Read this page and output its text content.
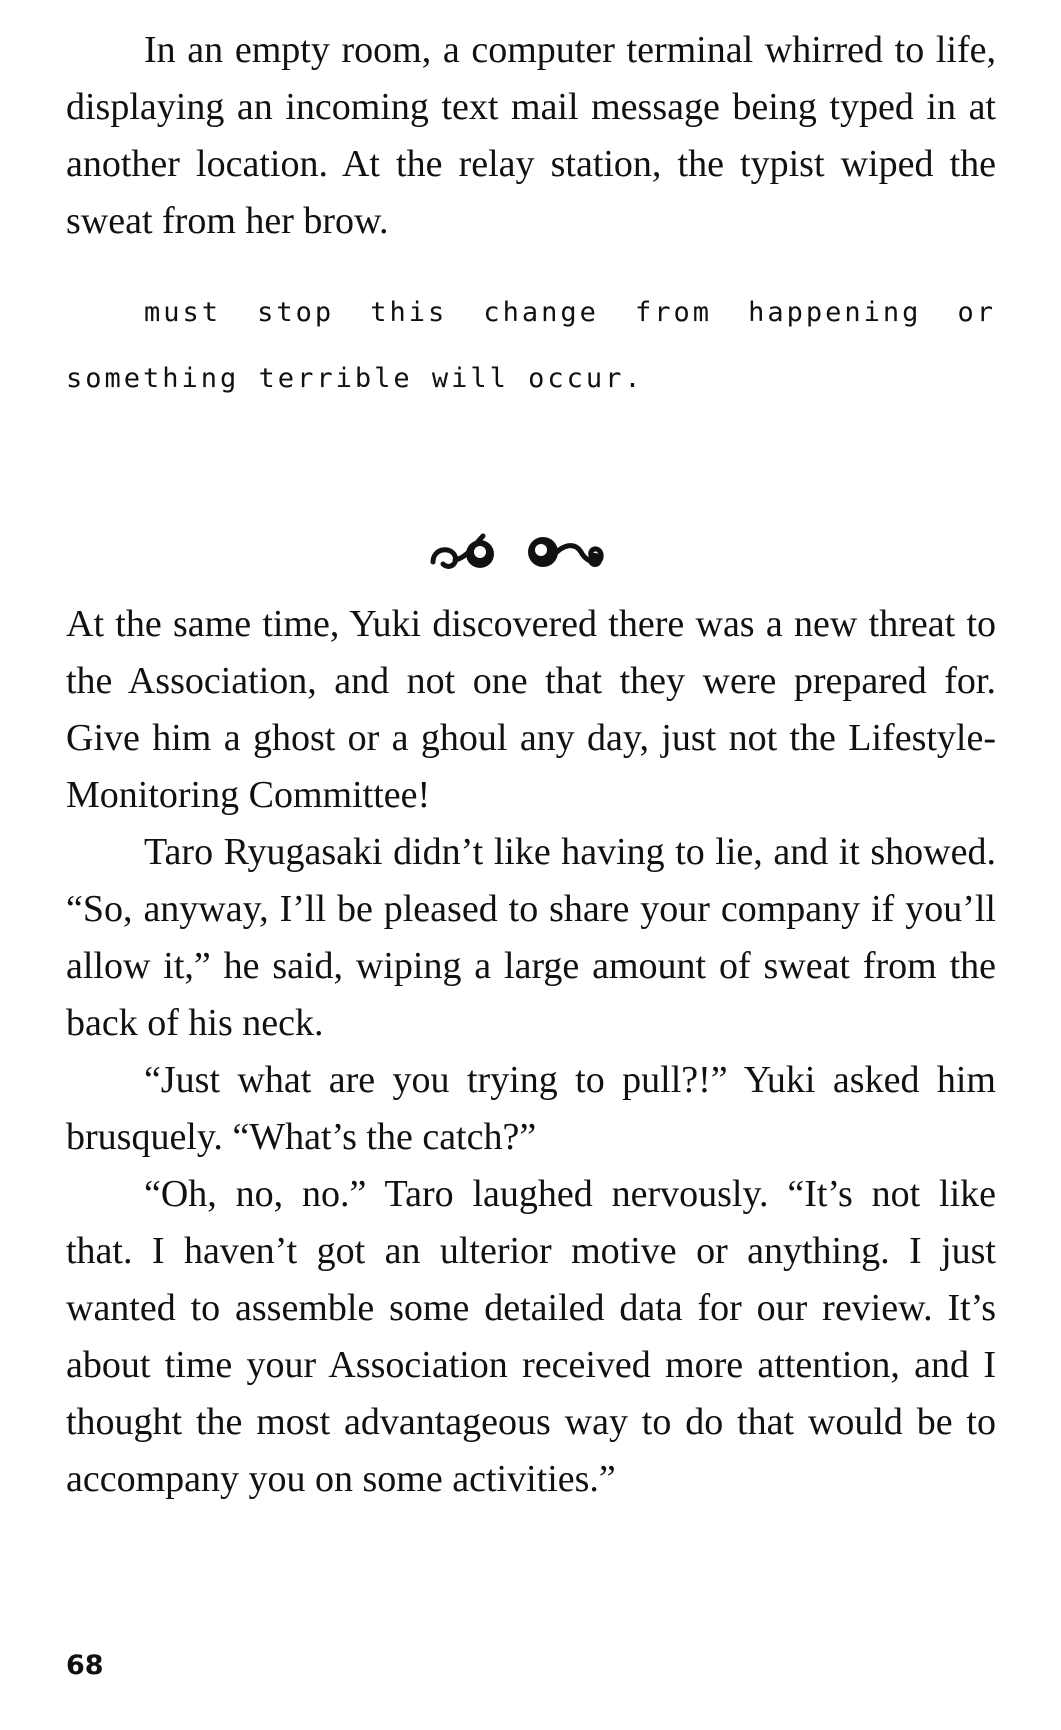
In an empty room, a computer terminal whirred to life, displaying an incoming text mail message being typed in at another location. At the relay station, the typist wiped the sweat from her brow.

must stop this change from happening or something terrible will occur.

At the same time, Yuki discovered there was a new threat to the Association, and not one that they were prepared for. Give him a ghost or a ghoul any day, just not the Lifestyle-Monitoring Committee!

Taro Ryugasaki didn’t like having to lie, and it showed. “So, anyway, I’ll be pleased to share your company if you’ll allow it,” he said, wiping a large amount of sweat from the back of his neck.

“Just what are you trying to pull?!” Yuki asked him brusquely. “What’s the catch?”

“Oh, no, no.” Taro laughed nervously. “It’s not like that. I haven’t got an ulterior motive or anything. I just wanted to assemble some detailed data for our review. It’s about time your Association received more attention, and I thought the most advantageous way to do that would be to accompany you on some activities.”

68
